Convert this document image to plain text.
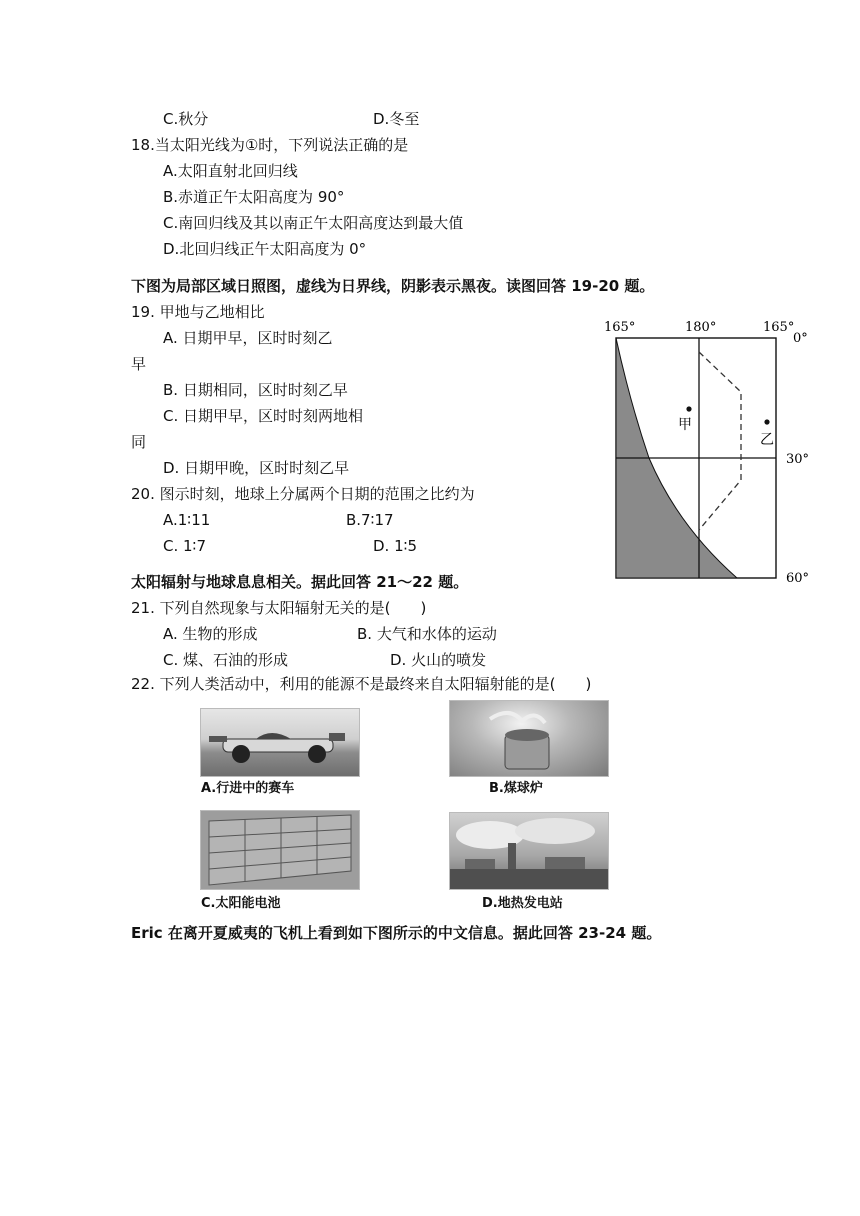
C.秋分	D.冬至
18.当太阳光线为①时，下列说法正确的是
A.太阳直射北回归线
B.赤道正午太阳高度为 90°
C.南回归线及其以南正午太阳高度达到最大值
D.北回归线正午太阳高度为 0°
下图为局部区域日照图，虚线为日界线，阴影表示黑夜。读图回答 19-20 题。
19. 甲地与乙地相比
A. 日期甲早，区时时刻乙
早
B. 日期相同，区时时刻乙早
C. 日期甲早，区时时刻两地相
同
D. 日期甲晚，区时时刻乙早
20. 图示时刻，地球上分属两个日期的范围之比约为
A.1∶11	B.7∶17
C. 1∶7	D. 1∶5
甲
乙
165°	180°	165°
0°
30°
60°
太阳辐射与地球息息相关。据此回答 21～22 题。
21. 下列自然现象与太阳辐射无关的是(　　)
A. 生物的形成	B. 大气和水体的运动
C. 煤、石油的形成	D. 火山的喷发
22. 下列人类活动中，利用的能源不是最终来自太阳辐射能的是(　　)
A.行进中的赛车	B.煤球炉
C.太阳能电池	D.地热发电站
Eric 在离开夏威夷的飞机上看到如下图所示的中文信息。据此回答 23-24 题。
